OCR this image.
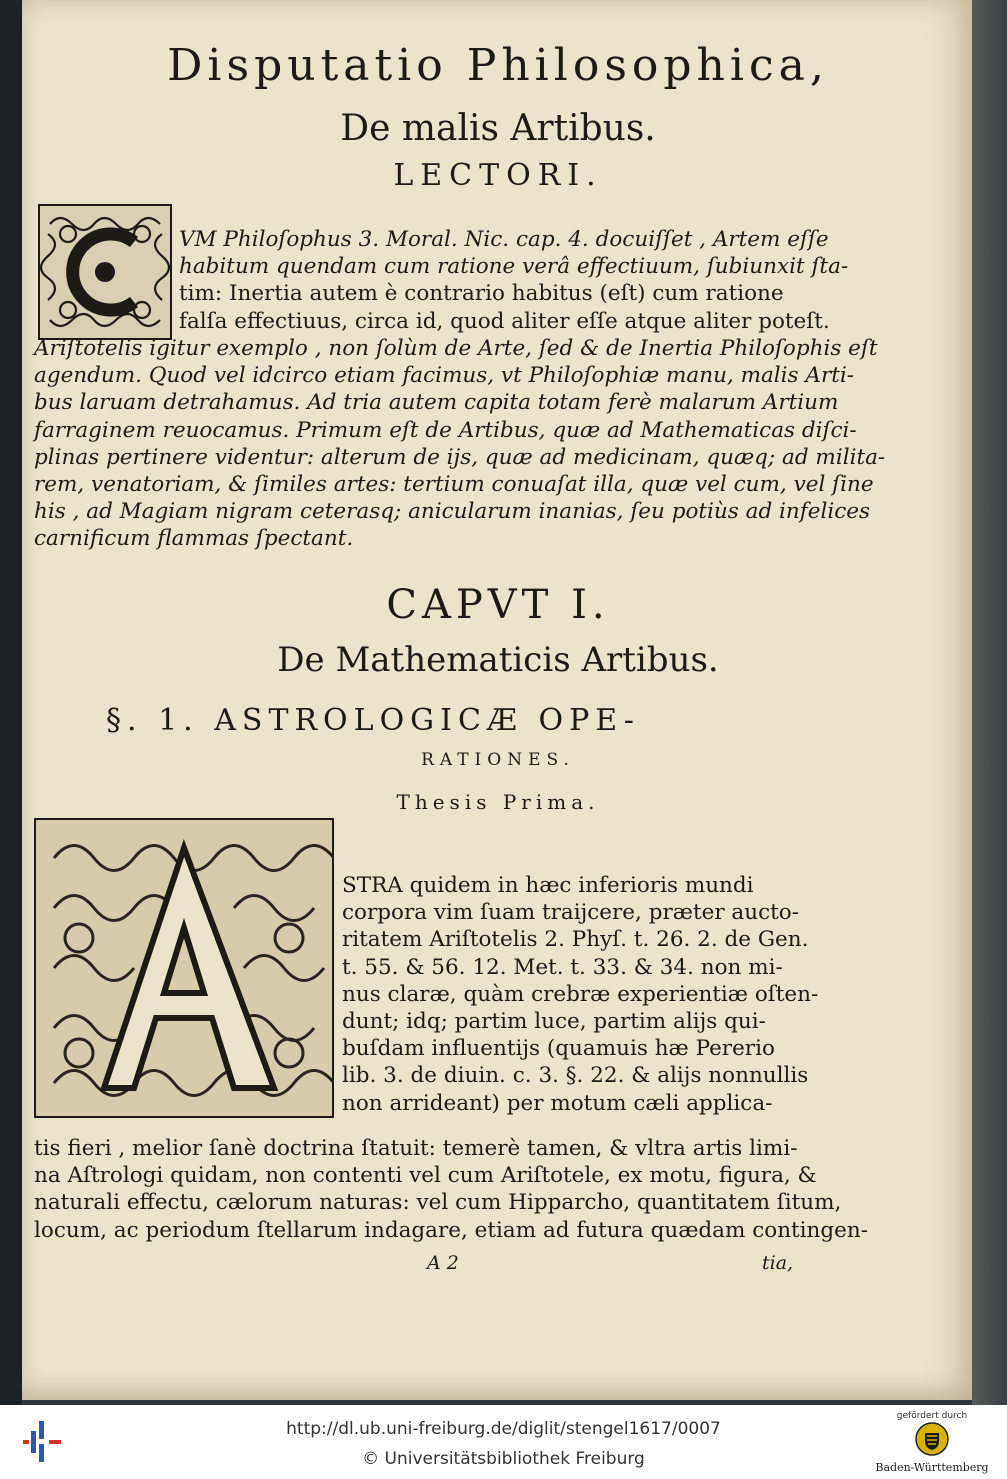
Disputatio Philosophica,
De malis Artibus.
LECTORI.
VM Philoſophus 3. Moral. Nic. cap. 4. docuiſſet , Artem eſſe
habitum quendam cum ratione verâ effectiuum, ſubiunxit ſta-
tim: Inertia autem è contrario habitus (eſt) cum ratione
falſa effectiuus, circa id, quod aliter eſſe atque aliter poteſt.
Ariſtotelis igitur exemplo , non ſolùm de Arte, ſed & de Inertia Philoſophis eſt
agendum. Quod vel idcirco etiam facimus, vt Philoſophiæ manu, malis Arti-
bus laruam detrahamus. Ad tria autem capita totam ferè malarum Artium
farraginem reuocamus. Primum eſt de Artibus, quæ ad Mathematicas diſci-
plinas pertinere videntur: alterum de ijs, quæ ad medicinam, quæq; ad milita-
rem, venatoriam, & ſimiles artes: tertium conuaſat illa, quæ vel cum, vel ſine
his , ad Magiam nigram ceterasq; anicularum inanias, ſeu potiùs ad infelices
carnificum flammas ſpectant.
CAPVT I.
De Mathematicis Artibus.
§. 1. ASTROLOGICÆ OPE-
RATIONES.
Thesis Prima.
STRA quidem in hæc inferioris mundi
corpora vim ſuam traijcere, præter aucto-
ritatem Ariſtotelis 2. Phyſ. t. 26. 2. de Gen.
t. 55. & 56. 12. Met. t. 33. & 34. non mi-
nus claræ, quàm crebræ experientiæ oſten-
dunt; idq; partim luce, partim alijs qui-
buſdam influentijs (quamuis hæ Pererio
lib. 3. de diuin. c. 3. §. 22. & alijs nonnullis
non arrideant) per motum cæli applica-
tis fieri , melior ſanè doctrina ſtatuit: temerè tamen, & vltra artis limi-
na Aſtrologi quidam, non contenti vel cum Ariſtotele, ex motu, figura, &
naturali effectu, cælorum naturas: vel cum Hipparcho, quantitatem ſitum,
locum, ac periodum ſtellarum indagare, etiam ad futura quædam contingen-
A 2	tia,
http://dl.ub.uni-freiburg.de/diglit/stengel1617/0007
© Universitätsbibliothek Freiburg
gefördert durch
Baden-Württemberg
